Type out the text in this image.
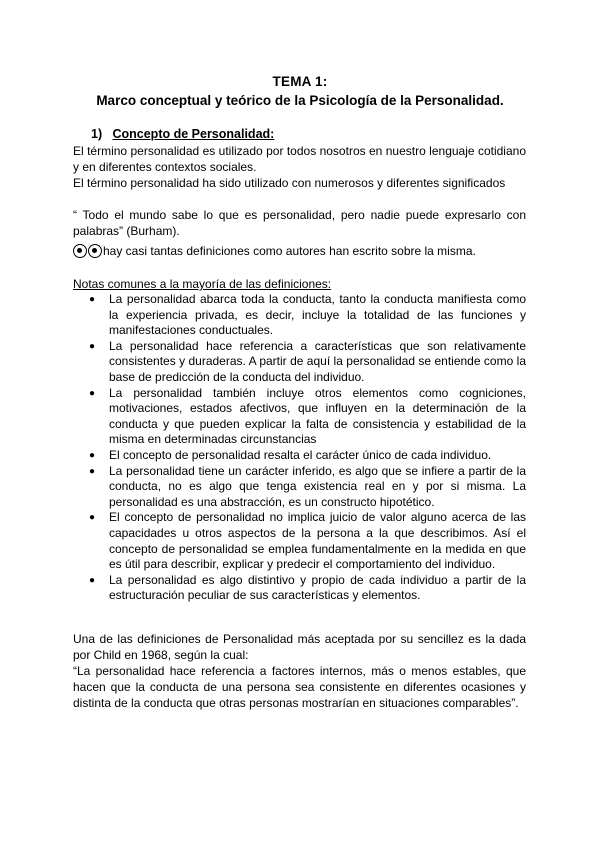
TEMA 1:
Marco conceptual y teórico de la Psicología de la Personalidad.
1) Concepto de Personalidad:
El término personalidad es utilizado por todos nosotros en nuestro lenguaje cotidiano y en diferentes contextos sociales.
El término personalidad ha sido utilizado con numerosos y diferentes significados
“ Todo el mundo sabe lo que es personalidad, pero nadie puede expresarlo con palabras” (Burham).
hay casi tantas definiciones como autores han escrito sobre la misma.
Notas comunes a la mayoría de las definiciones:
● La personalidad abarca toda la conducta, tanto la conducta manifiesta como la experiencia privada, es decir, incluye la totalidad de las funciones y manifestaciones conductuales.
● La personalidad hace referencia a características que son relativamente consistentes y duraderas. A partir de aquí la personalidad se entiende como la base de predicción de la conducta del individuo.
● La personalidad también incluye otros elementos como cogniciones, motivaciones, estados afectivos, que influyen en la determinación de la conducta y que pueden explicar la falta de consistencia y estabilidad de la misma en determinadas circunstancias
● El concepto de personalidad resalta el carácter único de cada individuo.
● La personalidad tiene un carácter inferido, es algo que se infiere a partir de la conducta, no es algo que tenga existencia real en y por si misma. La personalidad es una abstracción, es un constructo hipotético.
● El concepto de personalidad no implica juicio de valor alguno acerca de las capacidades u otros aspectos de la persona a la que describimos. Así el concepto de personalidad se emplea fundamentalmente en la medida en que es útil para describir, explicar y predecir el comportamiento del individuo.
● La personalidad es algo distintivo y propio de cada individuo a partir de la estructuración peculiar de sus características y elementos.
Una de las definiciones de Personalidad más aceptada por su sencillez es la dada por Child en 1968, según la cual:
“La personalidad hace referencia a factores internos, más o menos estables, que hacen que la conducta de una persona sea consistente en diferentes ocasiones y distinta de la conducta que otras personas mostrarían en situaciones comparables”.
